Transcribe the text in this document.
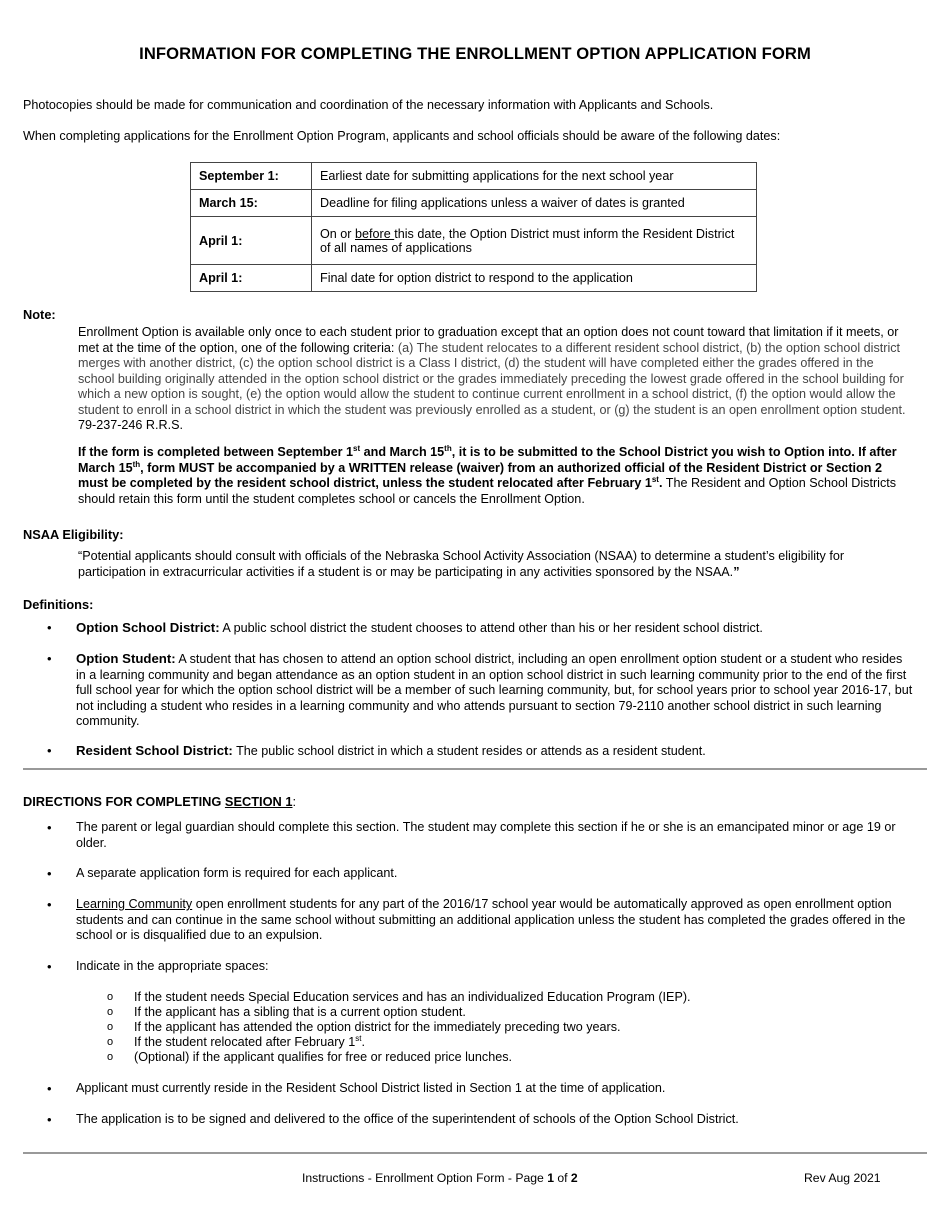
INFORMATION FOR COMPLETING THE ENROLLMENT OPTION APPLICATION FORM
Photocopies should be made for communication and coordination of the necessary information with Applicants and Schools.
When completing applications for the Enrollment Option Program, applicants and school officials should be aware of the following dates:
September 1:	Earliest date for submitting applications for the next school year
March 15:	Deadline for filing applications unless a waiver of dates is granted
April 1:	On or before this date, the Option District must inform the Resident District of all names of applications
April 1:	Final date for option district to respond to the application
Note:
Enrollment Option is available only once to each student prior to graduation except that an option does not count toward that limitation if it meets, or met at the time of the option, one of the following criteria: (a) The student relocates to a different resident school district, (b) the option school district merges with another district, (c) the option school district is a Class I district, (d) the student will have completed either the grades offered in the school building originally attended in the option school district or the grades immediately preceding the lowest grade offered in the school building for which a new option is sought, (e) the option would allow the student to continue current enrollment in a school district, (f) the option would allow the student to enroll in a school district in which the student was previously enrolled as a student, or (g) the student is an open enrollment option student. 79-237-246 R.R.S.
If the form is completed between September 1st and March 15th, it is to be submitted to the School District you wish to Option into. If after March 15th, form MUST be accompanied by a WRITTEN release (waiver) from an authorized official of the Resident District or Section 2 must be completed by the resident school district, unless the student relocated after February 1st. The Resident and Option School Districts should retain this form until the student completes school or cancels the Enrollment Option.
NSAA Eligibility:
“Potential applicants should consult with officials of the Nebraska School Activity Association (NSAA) to determine a student’s eligibility for participation in extracurricular activities if a student is or may be participating in any activities sponsored by the NSAA.”
Definitions:
• Option School District: A public school district the student chooses to attend other than his or her resident school district.
• Option Student: A student that has chosen to attend an option school district, including an open enrollment option student or a student who resides in a learning community and began attendance as an option student in an option school district in such learning community prior to the end of the first full school year for which the option school district will be a member of such learning community, but, for school years prior to school year 2016-17, but not including a student who resides in a learning community and who attends pursuant to section 79-2110 another school district in such learning community.
• Resident School District: The public school district in which a student resides or attends as a resident student.
DIRECTIONS FOR COMPLETING SECTION 1:
• The parent or legal guardian should complete this section. The student may complete this section if he or she is an emancipated minor or age 19 or older.
• A separate application form is required for each applicant.
• Learning Community open enrollment students for any part of the 2016/17 school year would be automatically approved as open enrollment option students and can continue in the same school without submitting an additional application unless the student has completed the grades offered in the school or is disqualified due to an expulsion.
• Indicate in the appropriate spaces:
o If the student needs Special Education services and has an individualized Education Program (IEP).
o If the applicant has a sibling that is a current option student.
o If the applicant has attended the option district for the immediately preceding two years.
o If the student relocated after February 1st.
o (Optional) if the applicant qualifies for free or reduced price lunches.
• Applicant must currently reside in the Resident School District listed in Section 1 at the time of application.
• The application is to be signed and delivered to the office of the superintendent of schools of the Option School District.
Instructions - Enrollment Option Form - Page 1 of 2	Rev Aug 2021
